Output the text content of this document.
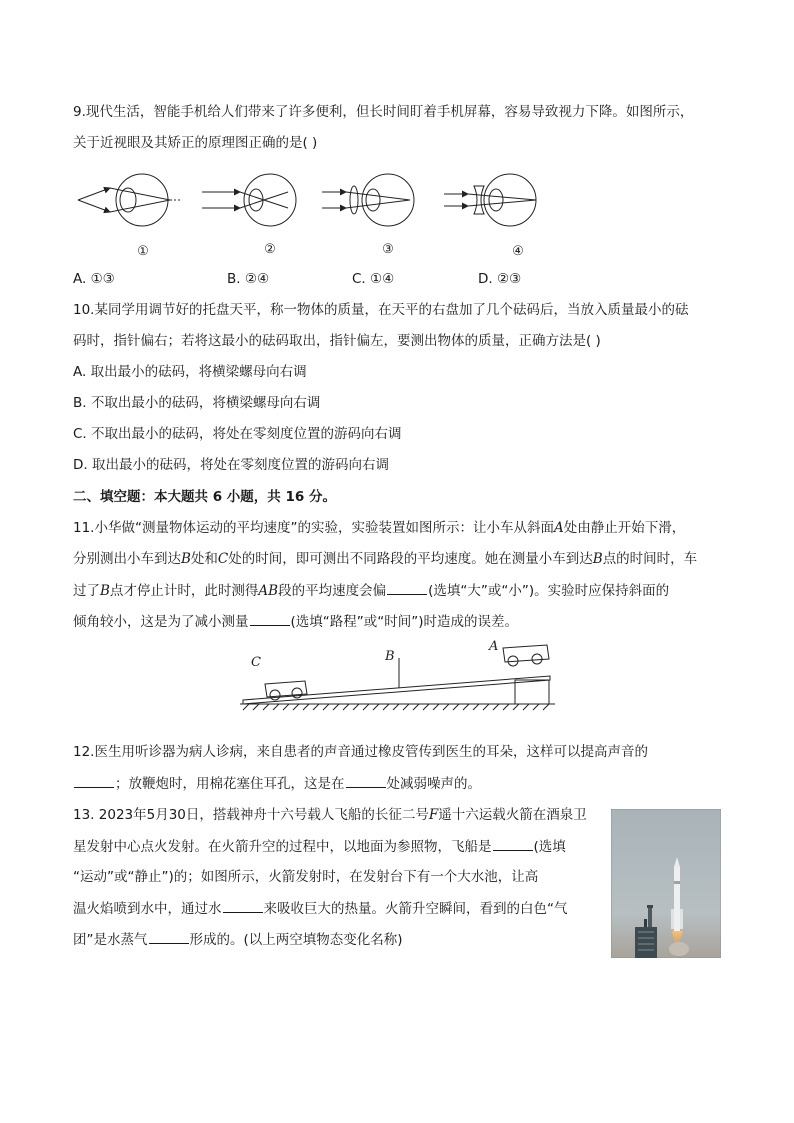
9.现代生活，智能手机给人们带来了许多便利，但长时间盯着手机屏幕，容易导致视力下降。如图所示，
关于近视眼及其矫正的原理图正确的是( )
①	②	③	④
A. ①③	B. ②④	C. ①④	D. ②③
10.某同学用调节好的托盘天平，称一物体的质量，在天平的右盘加了几个砝码后，当放入质量最小的砝
码时，指针偏右；若将这最小的砝码取出，指针偏左，要测出物体的质量，正确方法是( )
A. 取出最小的砝码，将横梁螺母向右调
B. 不取出最小的砝码，将横梁螺母向右调
C. 不取出最小的砝码，将处在零刻度位置的游码向右调
D. 取出最小的砝码，将处在零刻度位置的游码向右调
二、填空题：本大题共 6 小题，共 16 分。
11.小华做“测量物体运动的平均速度”的实验，实验装置如图所示：让小车从斜面A处由静止开始下滑，
分别测出小车到达B处和C处的时间，即可测出不同路段的平均速度。她在测量小车到达B点的时间时，车
过了B点才停止计时，此时测得AB段的平均速度会偏	(选填“大”或“小”)。实验时应保持斜面的
倾角较小，这是为了减小测量	(选填“路程”或“时间”)时造成的误差。
C	B
A
12.医生用听诊器为病人诊病，来自患者的声音通过橡皮管传到医生的耳朵，这样可以提高声音的
；放鞭炮时，用棉花塞住耳孔，这是在	处减弱噪声的。
13. 2023年5月30日，搭载神舟十六号载人飞船的长征二号F遥十六运载火箭在酒泉卫
星发射中心点火发射。在火箭升空的过程中，以地面为参照物，飞船是	(选填
“运动”或“静止”)的；如图所示，火箭发射时，在发射台下有一个大水池，让高
温火焰喷到水中，通过水	来吸收巨大的热量。火箭升空瞬间，看到的白色“气
团”是水蒸气	形成的。(以上两空填物态变化名称)
